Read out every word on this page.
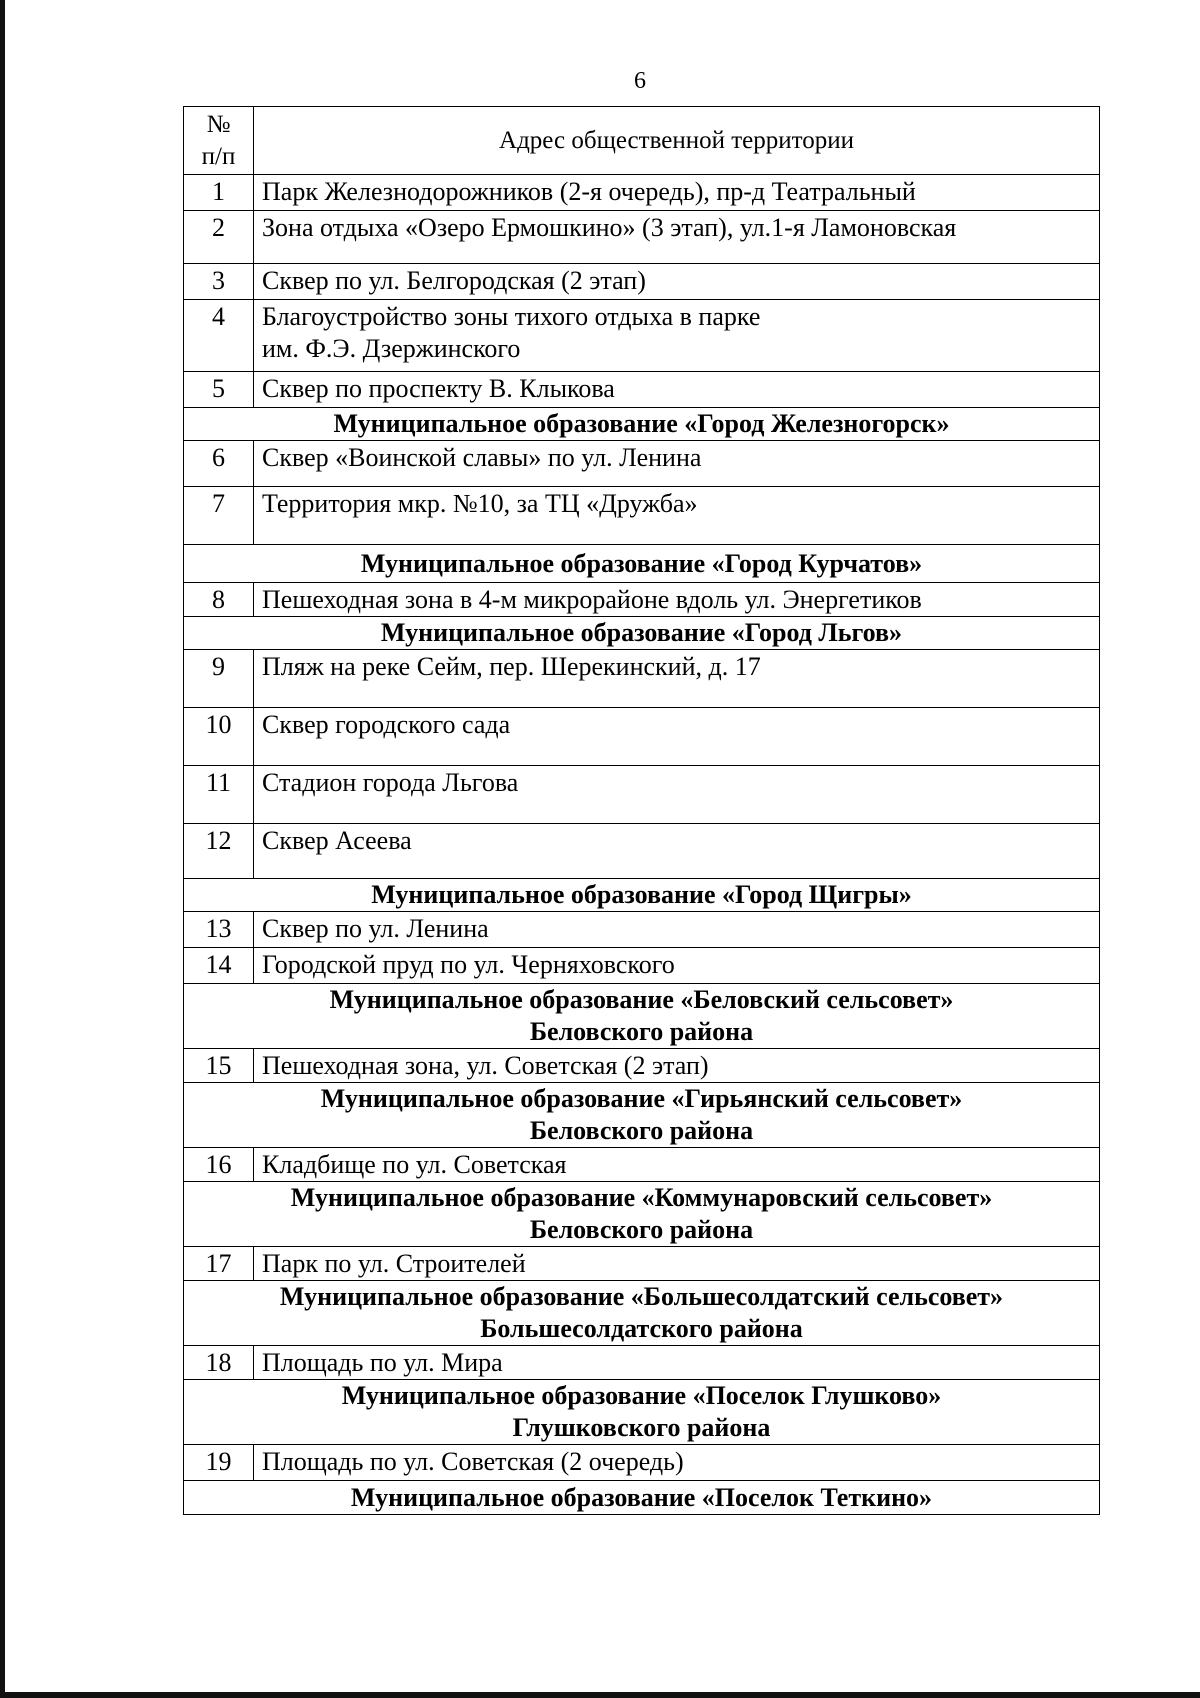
6
№
п/п	Адрес общественной территории
1	Парк Железнодорожников (2-я очередь), пр-д Театральный

2	Зона отдыха «Озеро Ермошкино» (3 этап), ул.1-я Ламоновская

3	Сквер по ул. Белгородская (2 этап)

4	Благоустройство зоны тихого отдыха в парке
им. Ф.Э. Дзержинского

5	Сквер по проспекту В. Клыкова

Муниципальное образование «Город Железногорск»	

6	Сквер «Воинской славы» по ул. Ленина

7	Территория мкр. №10, за ТЦ «Дружба»

Муниципальное образование «Город Курчатов»	

8	Пешеходная зона в 4-м микрорайоне вдоль ул. Энергетиков

Муниципальное образование «Город Льгов»	

9	Пляж на реке Сейм, пер. Шерекинский, д. 17

10	Сквер городского сада

11	Стадион города Льгова

12	Сквер Асеева

Муниципальное образование «Город Щигры»	

13	Сквер по ул. Ленина

14	Городской пруд по ул. Черняховского

Муниципальное образование «Беловский сельсовет»
Беловского района	

15	Пешеходная зона, ул. Советская (2 этап)

Муниципальное образование «Гирьянский сельсовет»
Беловского района	

16	Кладбище по ул. Советская

Муниципальное образование «Коммунаровский сельсовет»
Беловского района	

17	Парк по ул. Строителей

Муниципальное образование «Большесолдатский сельсовет»
Большесолдатского района	

18	Площадь по ул. Мира

Муниципальное образование «Поселок Глушково»
Глушковского района	

19	Площадь по ул. Советская (2 очередь)

Муниципальное образование «Поселок Теткино»	
